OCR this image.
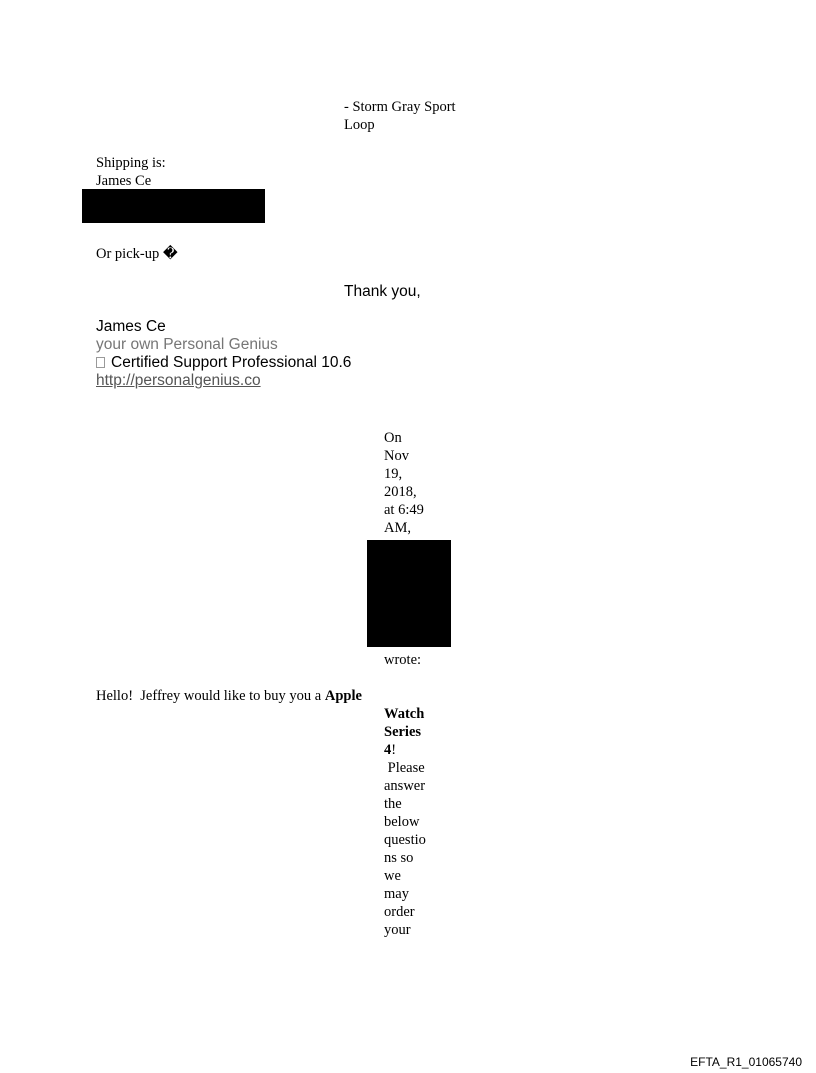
- Storm Gray Sport
Loop
Shipping is:
James Ce
Or pick-up �
Thank you,
James Ce
your own Personal Genius
Certified Support Professional 10.6
http://personalgenius.co
On
Nov
19,
2018,
at 6:49
AM,
wrote:
Hello!  Jeffrey would like to buy you a Apple
Watch
Series
4!
Please
answer
the
below
questio
ns so
we
may
order
your
EFTA_R1_01065740
